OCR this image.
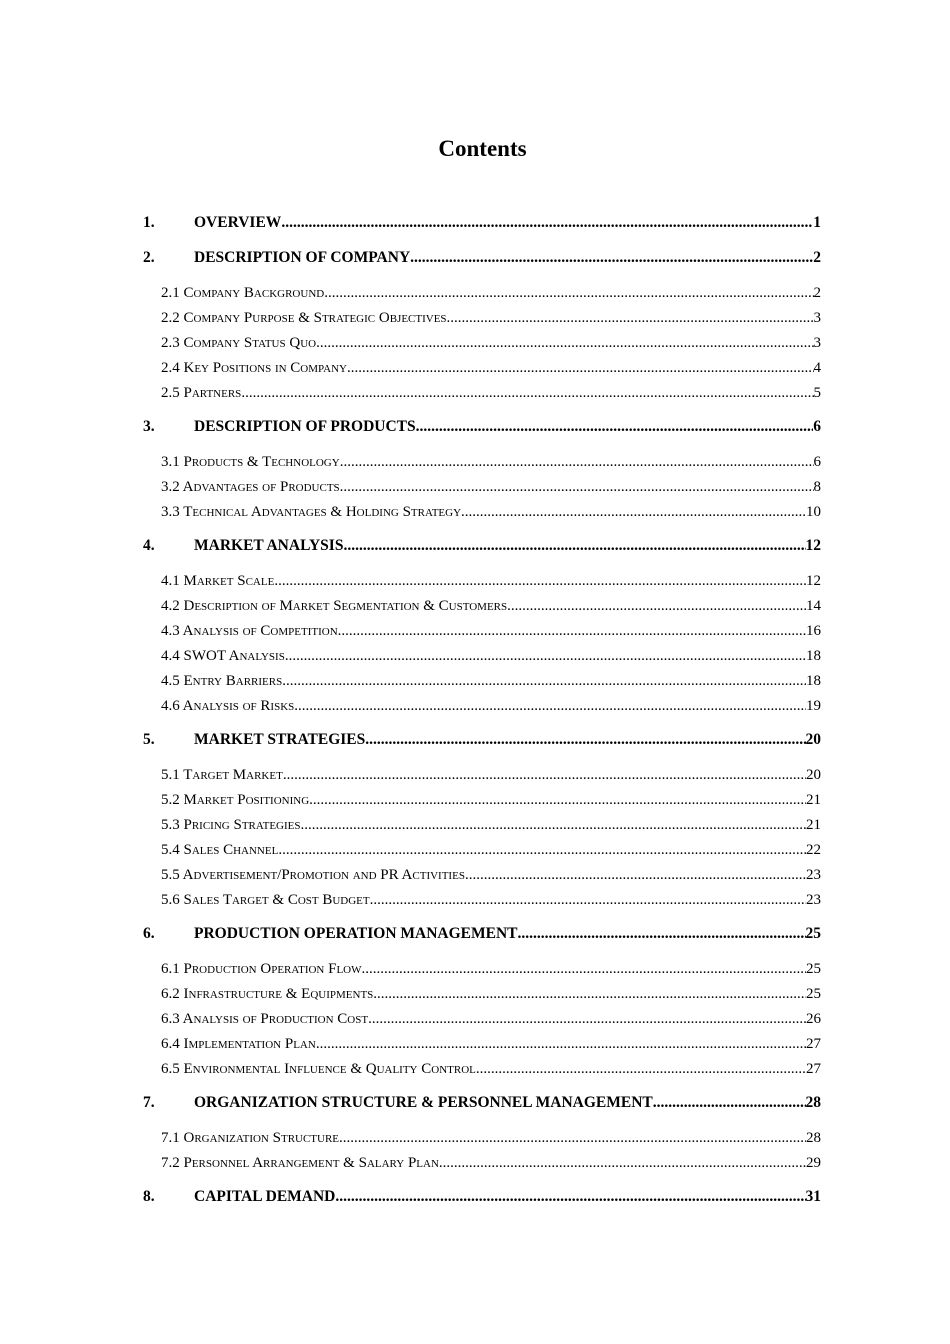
Contents
1.	OVERVIEW .....	1
2.	DESCRIPTION OF COMPANY .....	2
2.1 Company Background .....	2
2.2 Company Purpose & Strategic Objectives .....	3
2.3 Company Status Quo .....	3
2.4 Key Positions in Company .....	4
2.5 Partners .....	5
3.	DESCRIPTION OF PRODUCTS .....	6
3.1 Products & Technology .....	6
3.2 Advantages of Products .....	8
3.3 Technical Advantages & Holding Strategy .....	10
4.	MARKET ANALYSIS .....	12
4.1 Market Scale .....	12
4.2 Description of Market Segmentation & Customers .....	14
4.3 Analysis of Competition .....	16
4.4 SWOT Analysis .....	18
4.5 Entry Barriers .....	18
4.6 Analysis of Risks .....	19
5.	MARKET STRATEGIES .....	20
5.1 Target Market .....	20
5.2 Market Positioning .....	21
5.3 Pricing Strategies .....	21
5.4 Sales Channel .....	22
5.5 Advertisement/Promotion and PR Activities .....	23
5.6 Sales Target & Cost Budget .....	23
6.	PRODUCTION OPERATION MANAGEMENT .....	25
6.1 Production Operation Flow .....	25
6.2 Infrastructure & Equipments .....	25
6.3 Analysis of Production Cost .....	26
6.4 Implementation Plan .....	27
6.5 Environmental Influence & Quality Control .....	27
7.	ORGANIZATION STRUCTURE & PERSONNEL MANAGEMENT .....	28
7.1 Organization Structure .....	28
7.2 Personnel Arrangement & Salary Plan .....	29
8.	CAPITAL DEMAND .....	31
